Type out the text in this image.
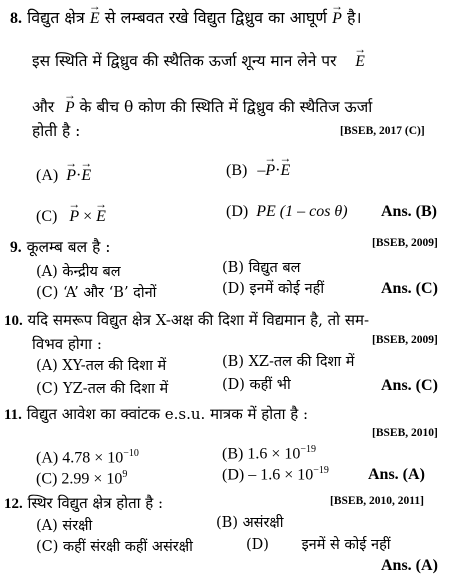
8. विद्युत क्षेत्र → E से लम्बवत रखे विद्युत द्विध्रुव का आघूर्ण → P है।
इस स्थिति में द्विध्रुव की स्थैतिक ऊर्जा शून्य मान लेने पर → E
और → P के बीच θ कोण की स्थिति में द्विध्रुव की स्थैतिज ऊर्जा
होती है :	[BSEB, 2017 (C)]
(A) → P·→ E	(B) –→ P·→ E
(C) → P × → E	(D) PE (1 – cos θ) Ans. (B)
9. कूलम्ब बल है :	[BSEB, 2009]
(A) केन्द्रीय बल	(B) विद्युत बल
(C) ‘A’ और ‘B’ दोनों	(D) इनमें कोई नहीं	Ans. (C)
10. यदि समरूप विद्युत क्षेत्र X-अक्ष की दिशा में विद्यमान है, तो सम-
विभव होगा :	[BSEB, 2009]
(A) XY-तल की दिशा में	(B) XZ-तल की दिशा में
(C) YZ-तल की दिशा में	(D) कहीं भी	Ans. (C)
11. विद्युत आवेश का क्वांटक e.s.u. मात्रक में होता है :
[BSEB, 2010]
(A) $4.78 \times 10^{-10}$	(B) $1.6 \times 10^{-19}$
(C) $2.99 \times 10^9$	$(D) - 1.6 \times 10^{-19}$ Ans. (A)
12. स्थिर विद्युत क्षेत्र होता है :	[BSEB, 2010, 2011]
(A) संरक्षी	(B) असंरक्षी
(C) कहीं संरक्षी कहीं असंरक्षी	(D) इनमें से कोई नहीं
Ans. (A)
